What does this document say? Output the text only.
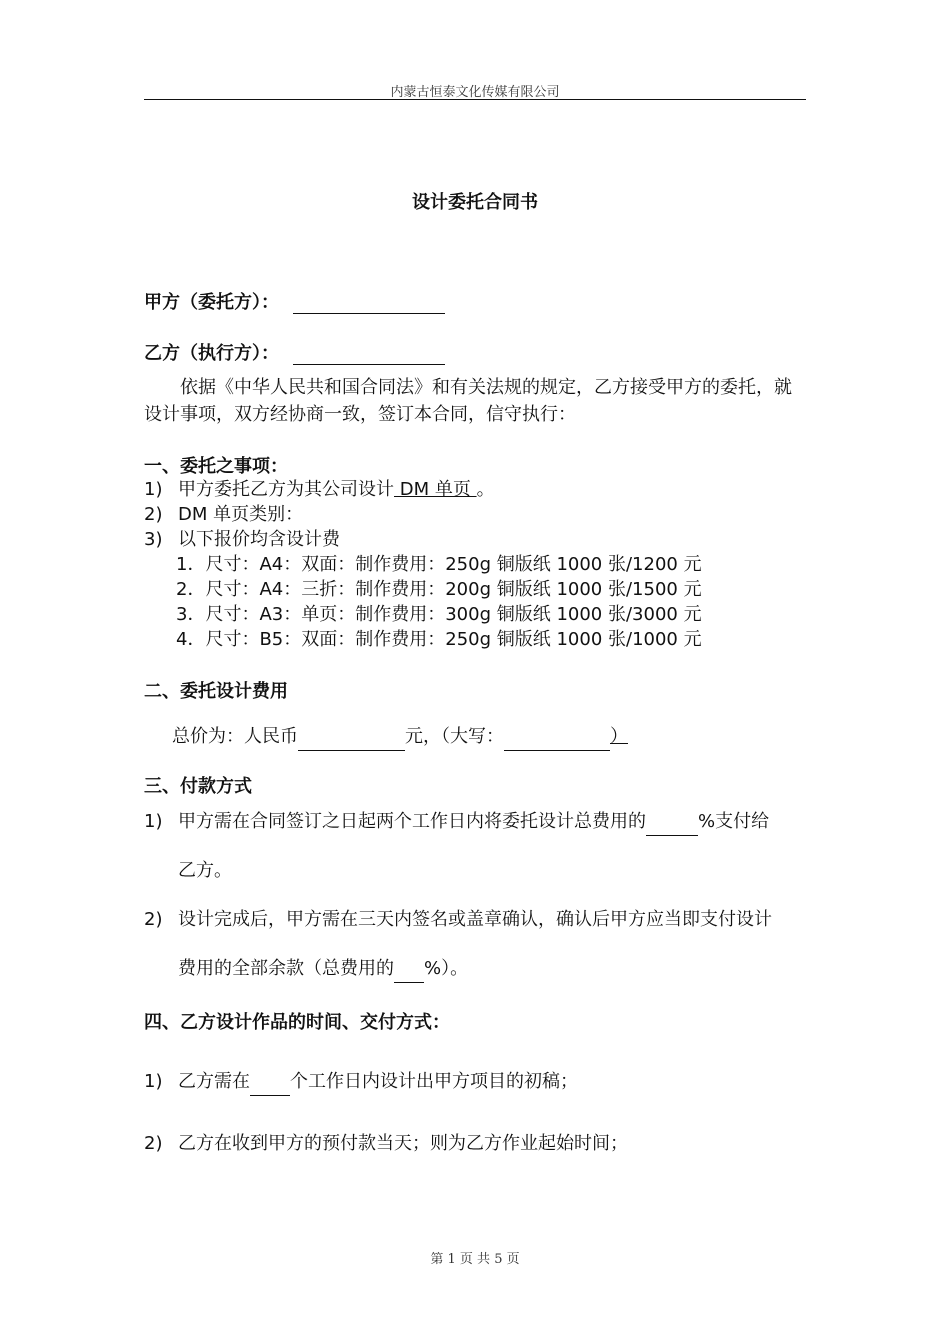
内蒙古恒泰文化传媒有限公司
设计委托合同书
甲方（委托方）：
乙方（执行方）：
依据《中华人民共和国合同法》和有关法规的规定，乙方接受甲方的委托，就设计事项，双方经协商一致，签订本合同，信守执行：
一、委托之事项：
1) 甲方委托乙方为其公司设计 DM 单页 。
2) DM 单页类别：
3) 以下报价均含设计费
1．尺寸：A4：双面：制作费用：250g 铜版纸 1000 张/1200 元
2．尺寸：A4：三折：制作费用：200g 铜版纸 1000 张/1500 元
3．尺寸：A3：单页：制作费用：300g 铜版纸 1000 张/3000 元
4．尺寸：B5：双面：制作费用：250g 铜版纸 1000 张/1000 元
二、委托设计费用
总价为：人民币	元，（大写：	）
三、付款方式
1) 甲方需在合同签订之日起两个工作日内将委托设计总费用的	%支付给
乙方。
2) 设计完成后，甲方需在三天内签名或盖章确认，确认后甲方应当即支付设计
费用的全部余款（总费用的 %）。
四、乙方设计作品的时间、交付方式：
1) 乙方需在 个工作日内设计出甲方项目的初稿；
2) 乙方在收到甲方的预付款当天；则为乙方作业起始时间；
第 1 页 共 5 页
